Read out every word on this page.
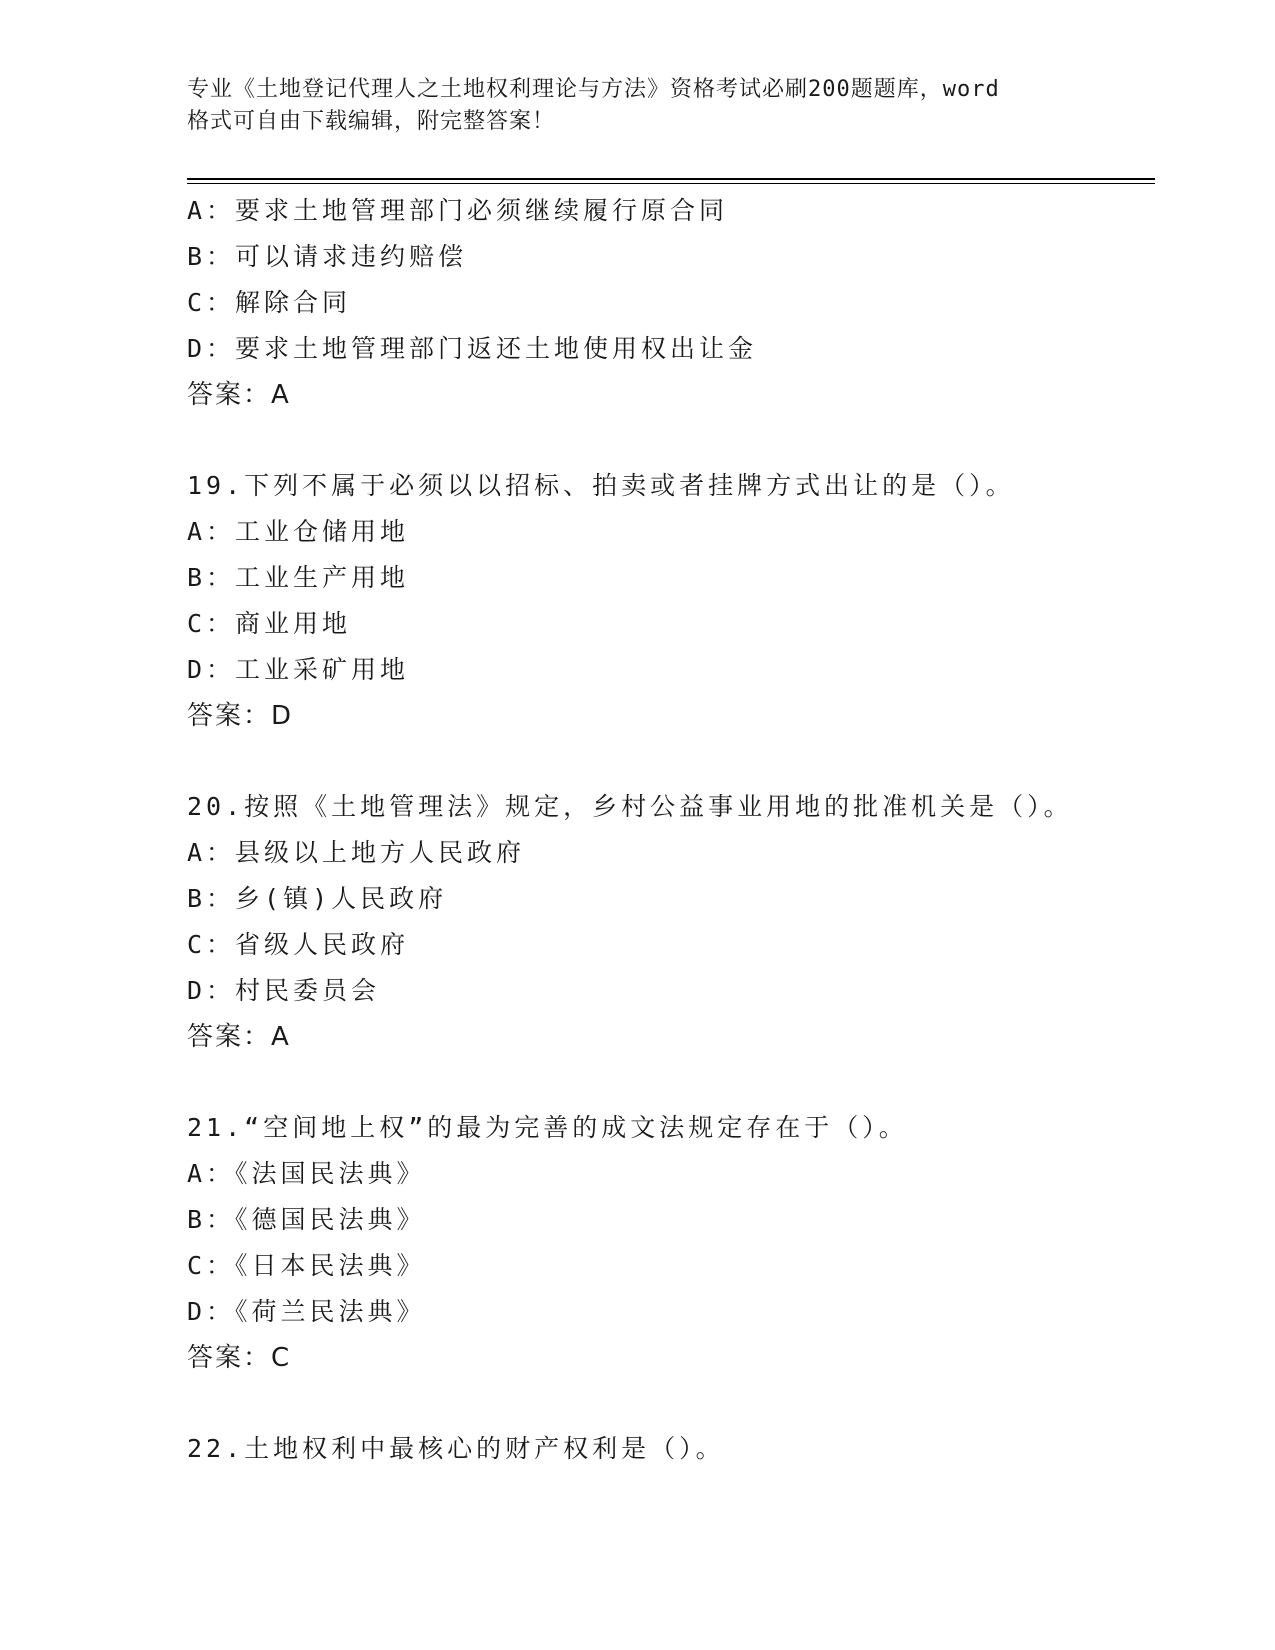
专业《土地登记代理人之土地权利理论与方法》资格考试必刷200题题库，word
格式可自由下载编辑，附完整答案！
A：要求土地管理部门必须继续履行原合同
B：可以请求违约赔偿
C：解除合同
D：要求土地管理部门返还土地使用权出让金
答案：A
19.下列不属于必须以以招标、拍卖或者挂牌方式出让的是（）。
A：工业仓储用地
B：工业生产用地
C：商业用地
D：工业采矿用地
答案：D
20.按照《土地管理法》规定，乡村公益事业用地的批准机关是（）。
A：县级以上地方人民政府
B：乡(镇)人民政府
C：省级人民政府
D：村民委员会
答案：A
21.“空间地上权”的最为完善的成文法规定存在于（）。
A：《法国民法典》
B：《德国民法典》
C：《日本民法典》
D：《荷兰民法典》
答案：C
22.土地权利中最核心的财产权利是（）。
